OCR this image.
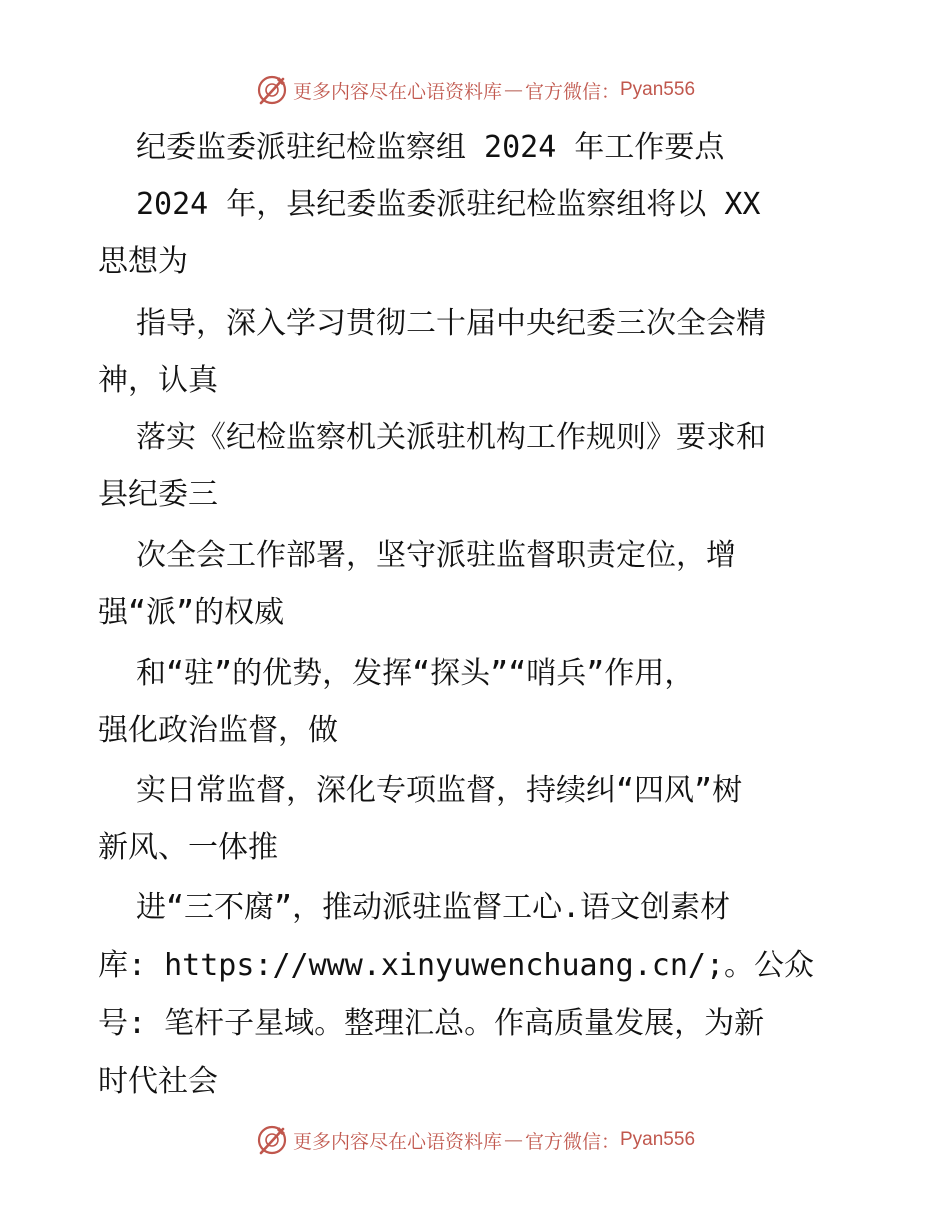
更多内容尽在心语资料库 — 官方微信： Pyan556
纪委监委派驻纪检监察组 2024 年工作要点
2024 年，县纪委监委派驻纪检监察组将以 XX
思想为
指导，深入学习贯彻二十届中央纪委三次全会精
神，认真
落实《纪检监察机关派驻机构工作规则》要求和
县纪委三
次全会工作部署，坚守派驻监督职责定位，增
强“派”的权威
和“驻”的优势，发挥“探头”“哨兵”作用，
强化政治监督，做
实日常监督，深化专项监督，持续纠“四风”树
新风、一体推
进“三不腐”，推动派驻监督工心.语文创素材
库: https://www.xinyuwenchuang.cn/;。公众
号: 笔杆子星域。整理汇总。作高质量发展，为新
时代社会
更多内容尽在心语资料库 — 官方微信： Pyan556
